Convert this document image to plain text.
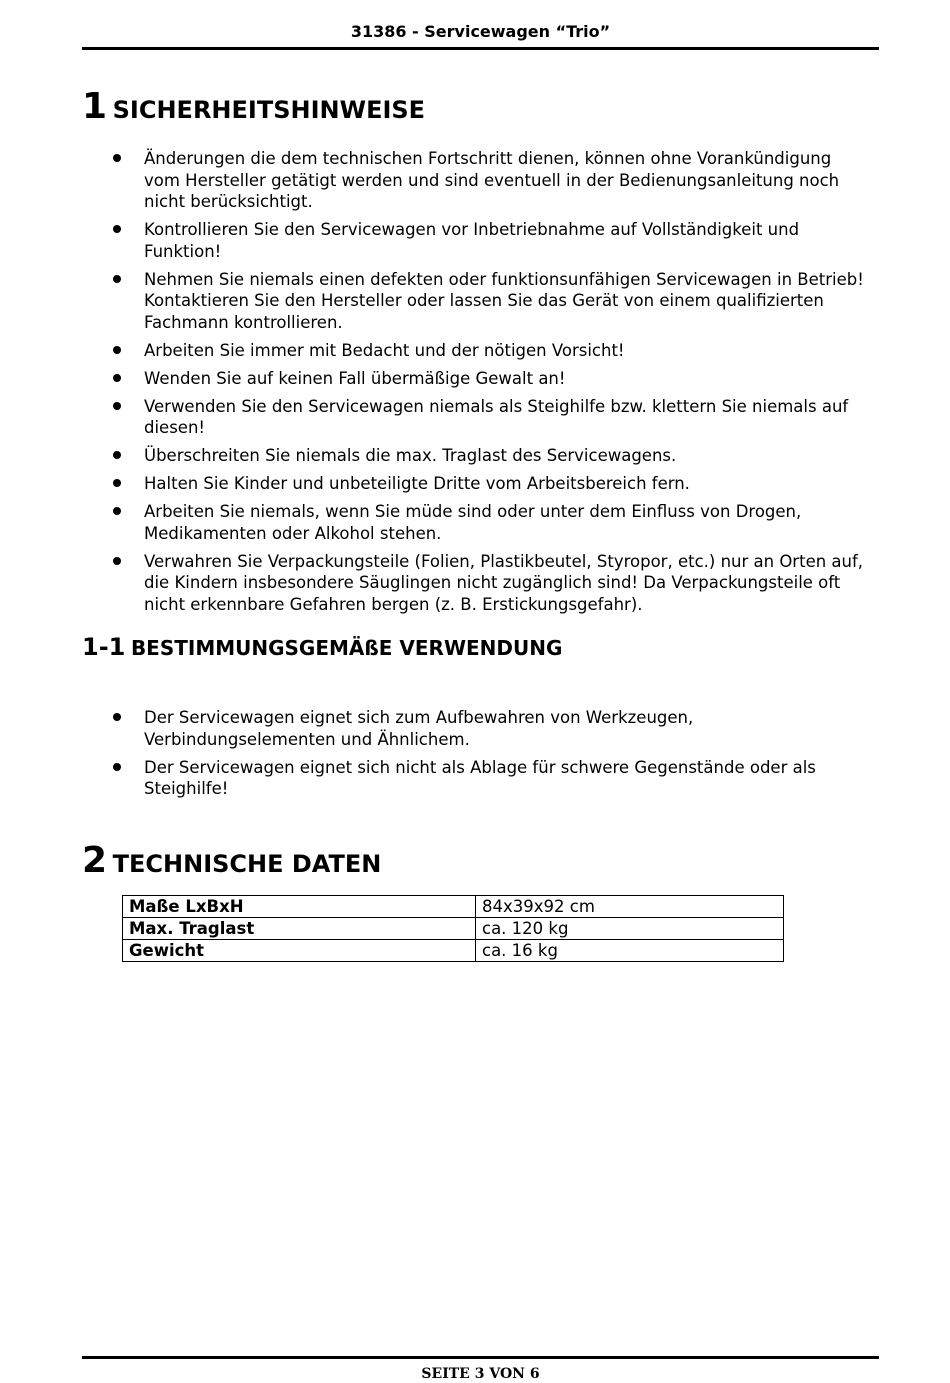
31386 - Servicewagen “Trio”
1 SICHERHEITSHINWEISE
Änderungen die dem technischen Fortschritt dienen, können ohne Vorankündigung vom Hersteller getätigt werden und sind eventuell in der Bedienungsanleitung noch nicht berücksichtigt.
Kontrollieren Sie den Servicewagen vor Inbetriebnahme auf Vollständigkeit und Funktion!
Nehmen Sie niemals einen defekten oder funktionsunfähigen Servicewagen in Betrieb! Kontaktieren Sie den Hersteller oder lassen Sie das Gerät von einem qualifizierten Fachmann kontrollieren.
Arbeiten Sie immer mit Bedacht und der nötigen Vorsicht!
Wenden Sie auf keinen Fall übermäßige Gewalt an!
Verwenden Sie den Servicewagen niemals als Steighilfe bzw. klettern Sie niemals auf diesen!
Überschreiten Sie niemals die max. Traglast des Servicewagens.
Halten Sie Kinder und unbeteiligte Dritte vom Arbeitsbereich fern.
Arbeiten Sie niemals, wenn Sie müde sind oder unter dem Einfluss von Drogen, Medikamenten oder Alkohol stehen.
Verwahren Sie Verpackungsteile (Folien, Plastikbeutel, Styropor, etc.) nur an Orten auf, die Kindern insbesondere Säuglingen nicht zugänglich sind! Da Verpackungsteile oft nicht erkennbare Gefahren bergen (z. B. Erstickungsgefahr).
1-1 BESTIMMUNGSGEMÄßE VERWENDUNG
Der Servicewagen eignet sich zum Aufbewahren von Werkzeugen, Verbindungselementen und Ähnlichem.
Der Servicewagen eignet sich nicht als Ablage für schwere Gegenstände oder als Steighilfe!
2 TECHNISCHE DATEN
Maße LxBxH	84x39x92 cm
Max. Traglast	ca. 120 kg
Gewicht	ca. 16 kg
SEITE 3 VON 6
